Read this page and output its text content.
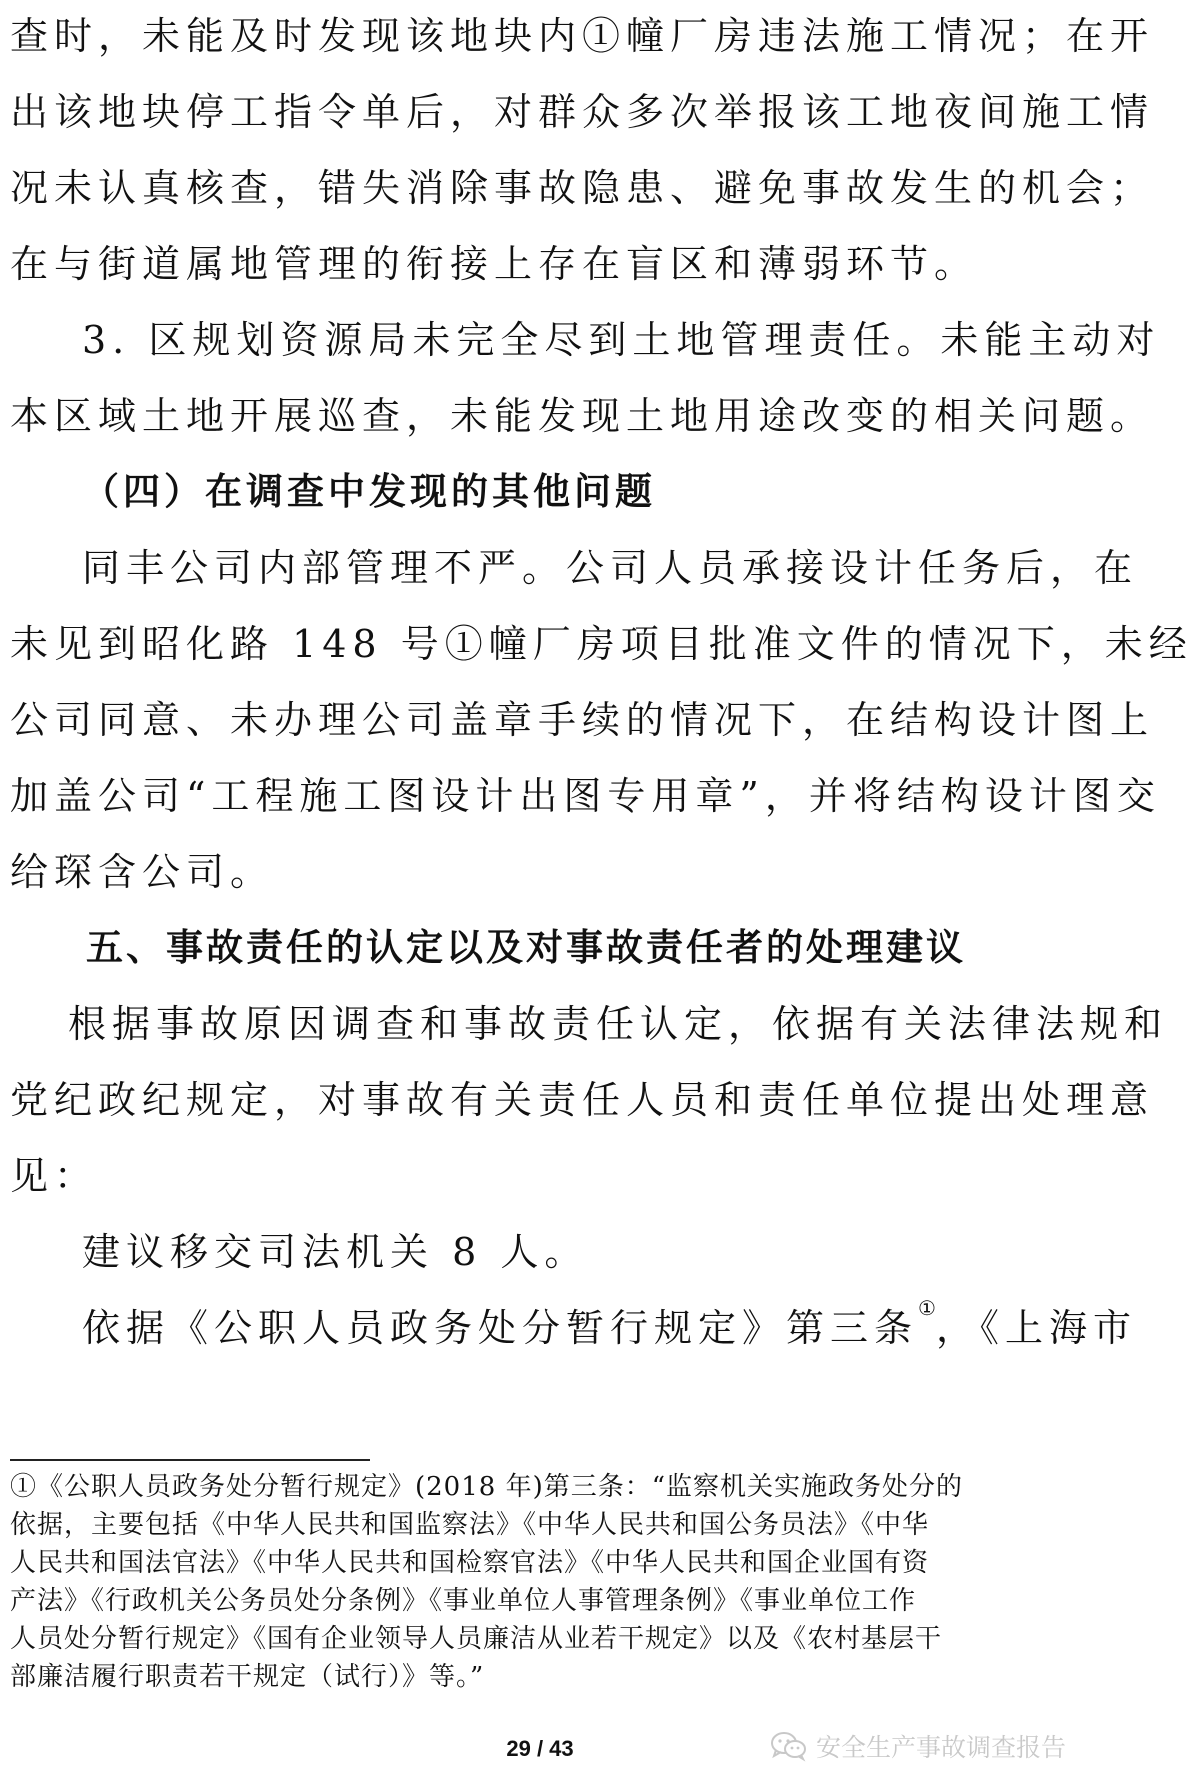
查时，未能及时发现该地块内①幢厂房违法施工情况；在开
出该地块停工指令单后，对群众多次举报该工地夜间施工情
况未认真核查，错失消除事故隐患、避免事故发生的机会；
在与街道属地管理的衔接上存在盲区和薄弱环节。
3. 区规划资源局未完全尽到土地管理责任。未能主动对
本区域土地开展巡查，未能发现土地用途改变的相关问题。
（四）在调查中发现的其他问题
同丰公司内部管理不严。公司人员承接设计任务后，在
未见到昭化路 148 号①幢厂房项目批准文件的情况下，未经
公司同意、未办理公司盖章手续的情况下，在结构设计图上
加盖公司“工程施工图设计出图专用章”，并将结构设计图交
给琛含公司。
五、事故责任的认定以及对事故责任者的处理建议
根据事故原因调查和事故责任认定，依据有关法律法规和
党纪政纪规定，对事故有关责任人员和责任单位提出处理意
见：
建议移交司法机关 8 人。
依据《公职人员政务处分暂行规定》第三条①，《上海市
①《公职人员政务处分暂行规定》(2018 年)第三条：“监察机关实施政务处分的
依据，主要包括《中华人民共和国监察法》《中华人民共和国公务员法》《中华
人民共和国法官法》《中华人民共和国检察官法》《中华人民共和国企业国有资
产法》《行政机关公务员处分条例》《事业单位人事管理条例》《事业单位工作
人员处分暂行规定》《国有企业领导人员廉洁从业若干规定》以及《农村基层干
部廉洁履行职责若干规定（试行）》等。”
29 / 43	安全生产事故调查报告
